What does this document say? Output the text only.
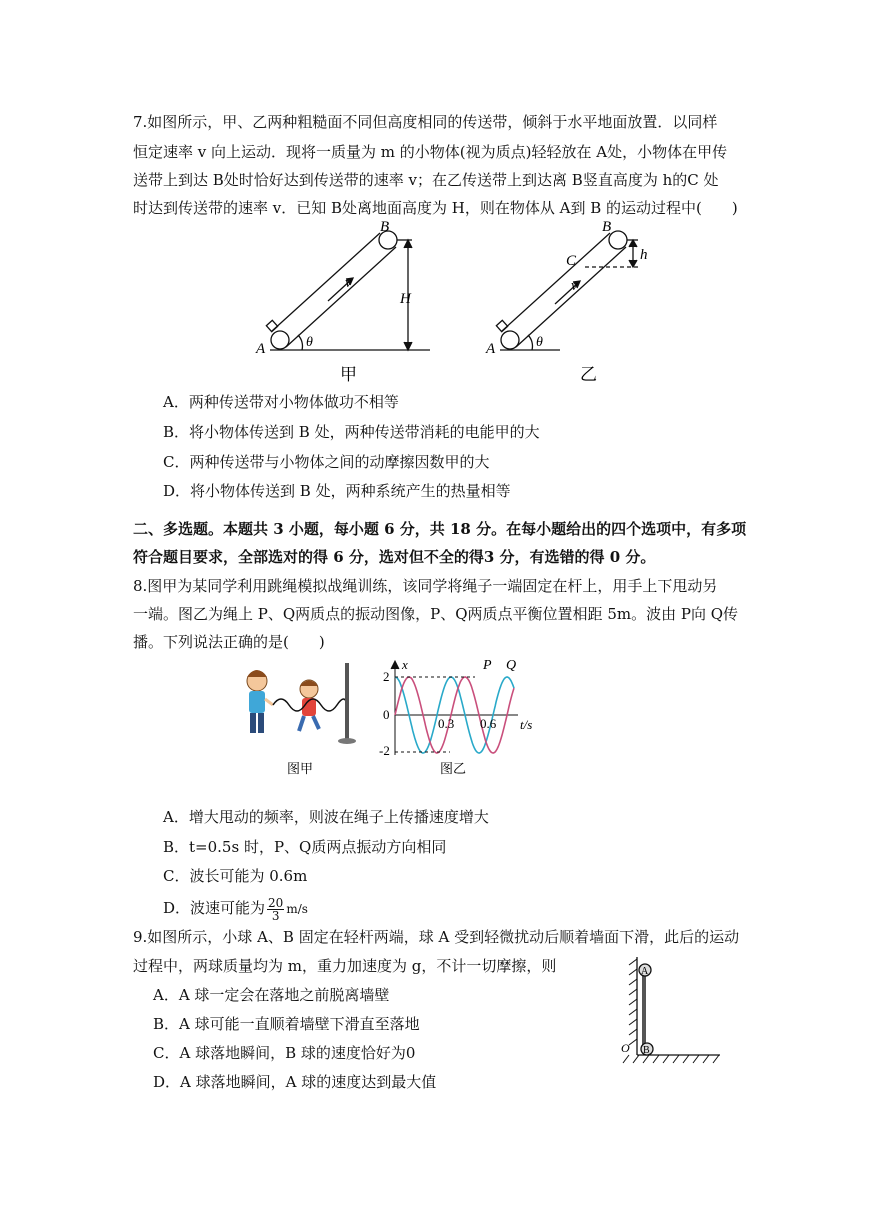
7.如图所示，甲、乙两种粗糙面不同但高度相同的传送带，倾斜于水平地面放置．以同样
恒定速率 v 向上运动．现将一质量为 m 的小物体(视为质点)轻轻放在 A处，小物体在甲传
送带上到达 B处时恰好达到传送带的速率 v；在乙传送带上到达离 B竖直高度为 h的C 处
时达到传送带的速率 v．已知 B处离地面高度为 H，则在物体从 A到 B 的运动过程中(　　)
A
B
v
H
θ
甲
A
B
C
v
h
θ
乙
A．两种传送带对小物体做功不相等
B．将小物体传送到 B 处，两种传送带消耗的电能甲的大
C．两种传送带与小物体之间的动摩擦因数甲的大
D．将小物体传送到 B 处，两种系统产生的热量相等
二、多选题。本题共 3 小题，每小题 6 分，共 18 分。在每小题给出的四个选项中，有多项
符合题目要求，全部选对的得 6 分，选对但不全的得3 分，有选错的得 0 分。
8.图甲为某同学利用跳绳模拟战绳训练，该同学将绳子一端固定在杆上，用手上下甩动另
一端。图乙为绳上 P、Q两质点的振动图像，P、Q两质点平衡位置相距 5m。波由 P向 Q传
播。下列说法正确的是(　　)
图甲
x
t/s
2
0
-2
0.3 0.6
P Q
图乙
A．增大甩动的频率，则波在绳子上传播速度增大
B．t=0.5s 时，P、Q质两点振动方向相同
C．波长可能为 0.6m
D．波速可能为 $\frac{20}{3} m/s$
9.如图所示，小球 A、B 固定在轻杆两端，球 A 受到轻微扰动后顺着墙面下滑，此后的运动
过程中，两球质量均为 m，重力加速度为 g，不计一切摩擦，则
A．A 球一定会在落地之前脱离墙壁
B．A 球可能一直顺着墙壁下滑直至落地
C．A 球落地瞬间，B 球的速度恰好为0
D．A 球落地瞬间，A 球的速度达到最大值
A
B
O
